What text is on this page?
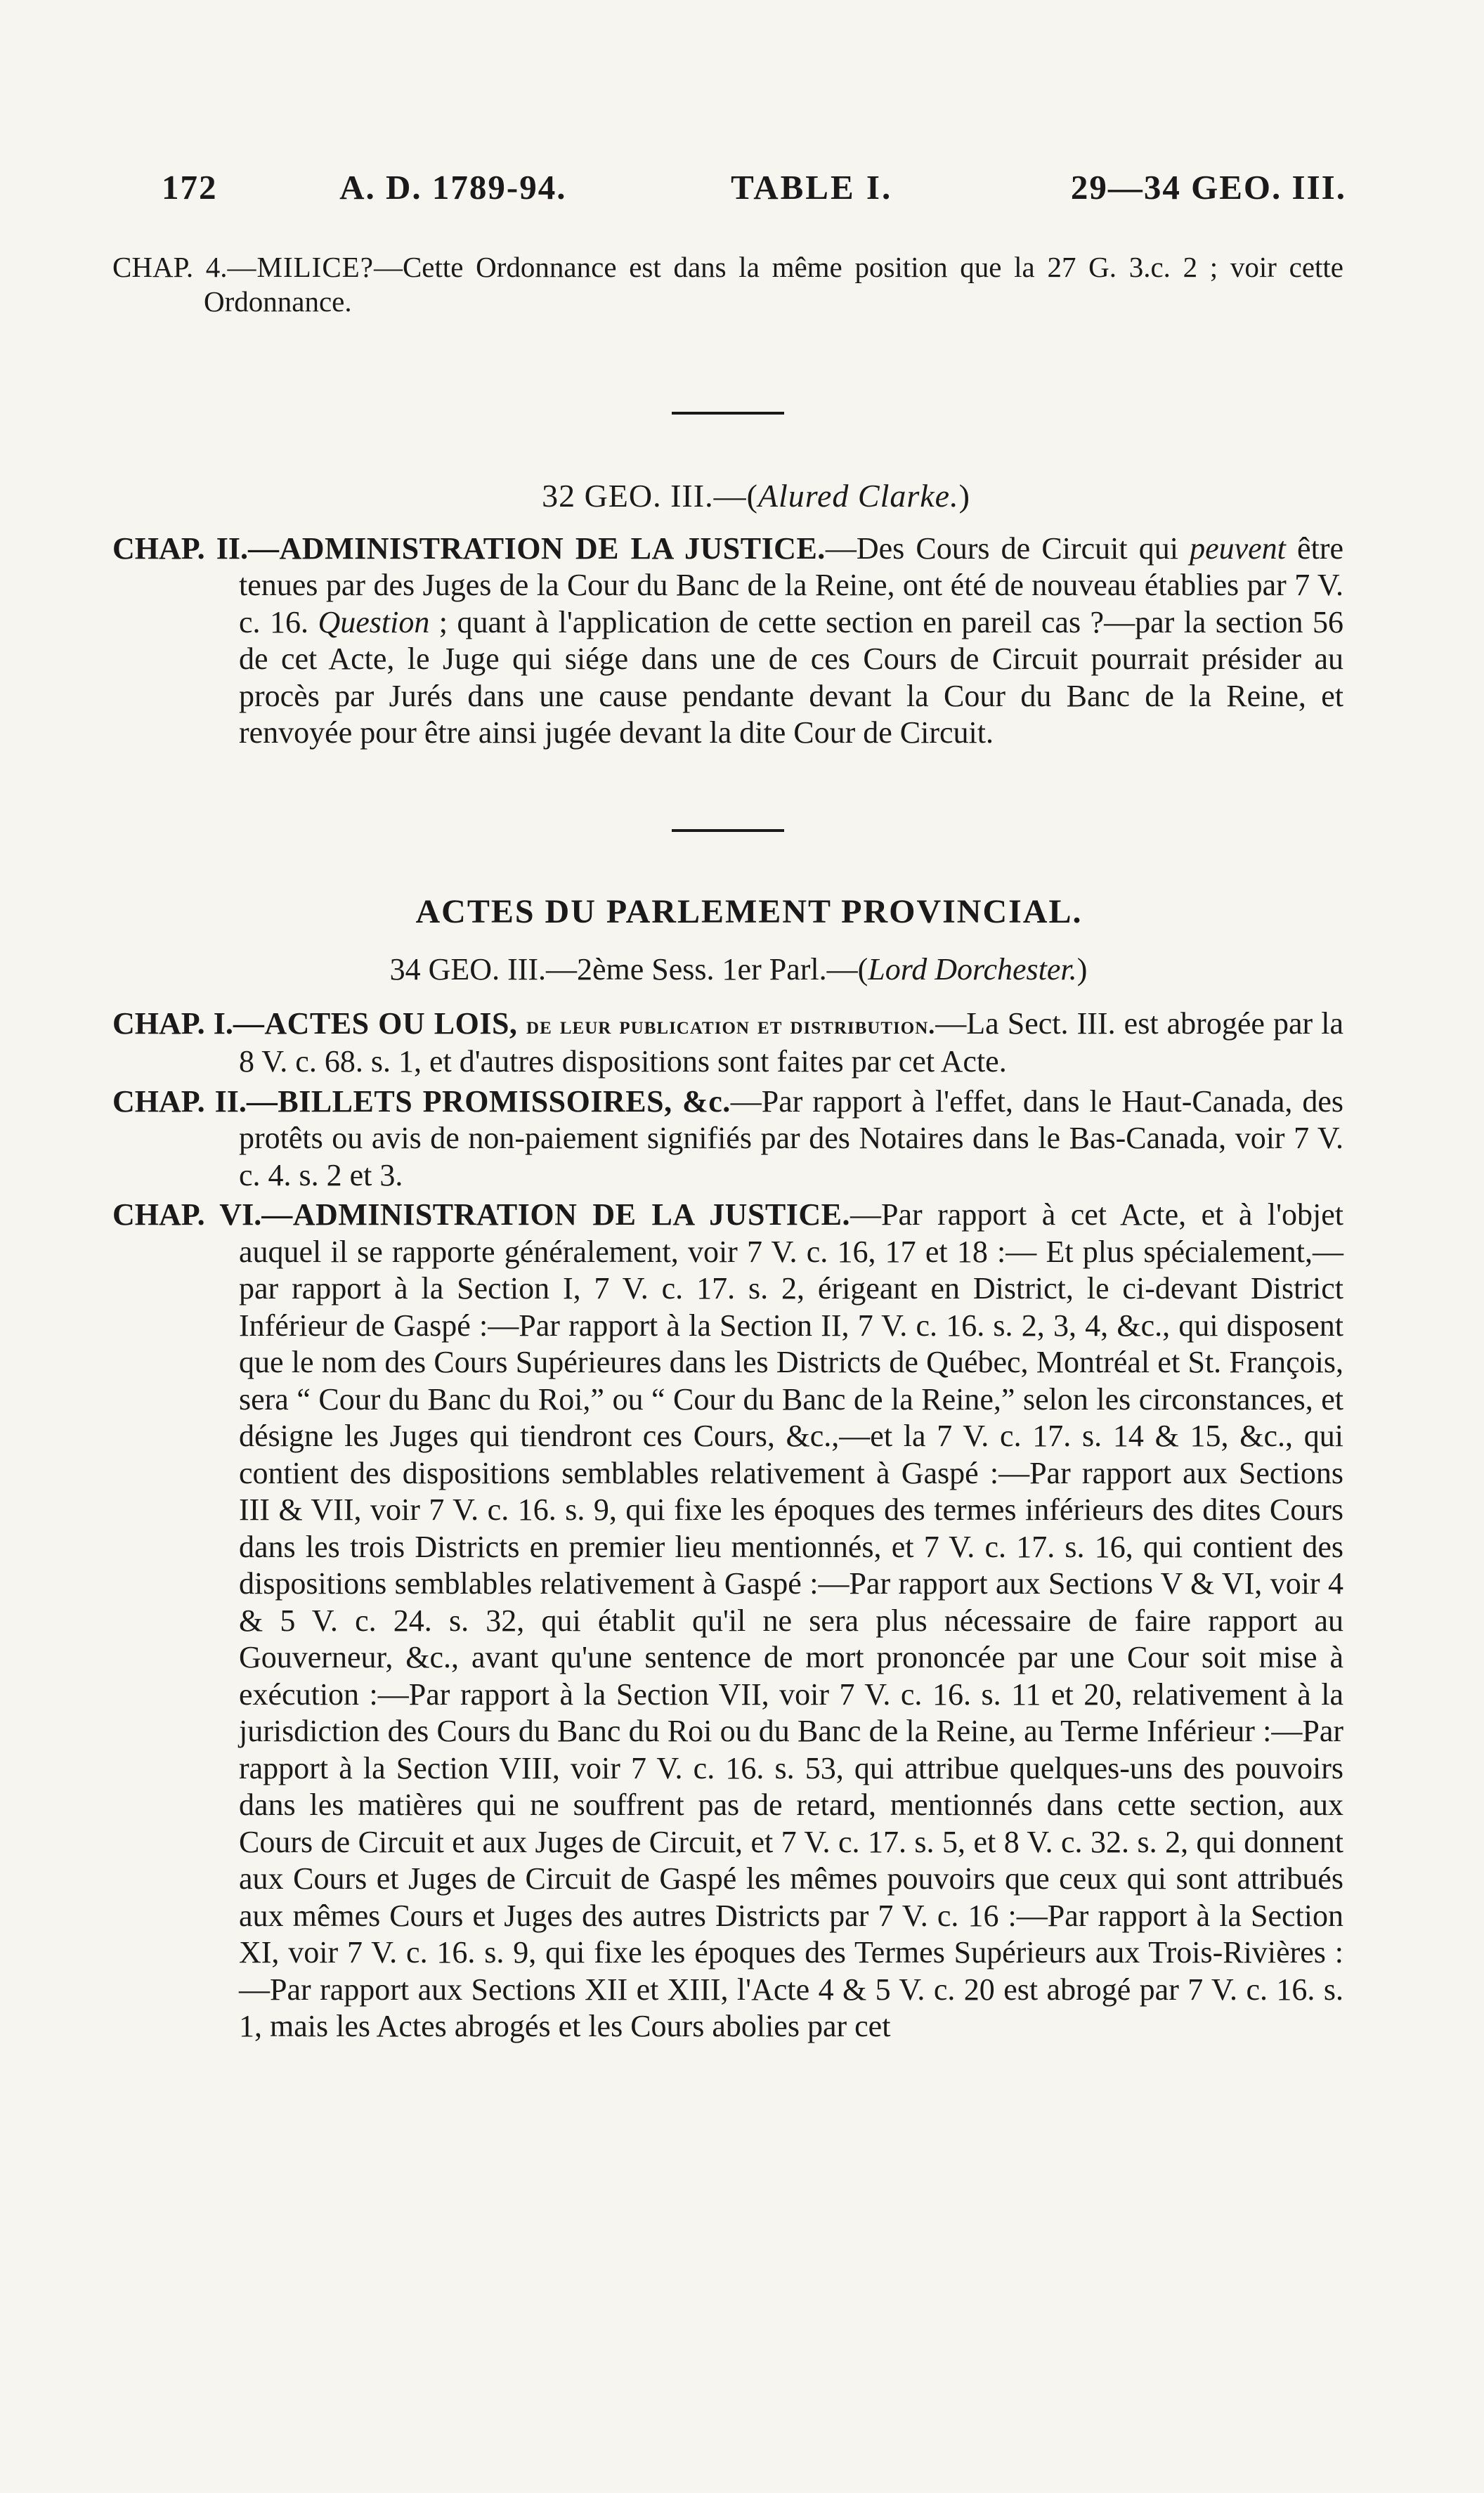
172	A. D. 1789-94.	TABLE I.	29—34 GEO. III.

CHAP. 4.—MILICE?—Cette Ordonnance est dans la même position que la 27 G. 3.c. 2 ; voir cette Ordonnance.

32 GEO. III.—(Alured Clarke.)

CHAP. II.—ADMINISTRATION DE LA JUSTICE.—Des Cours de Circuit qui peuvent être tenues par des Juges de la Cour du Banc de la Reine, ont été de nouveau établies par 7 V. c. 16. Question ; quant à l'application de cette section en pareil cas ?—par la section 56 de cet Acte, le Juge qui siége dans une de ces Cours de Circuit pourrait présider au procès par Jurés dans une cause pendante devant la Cour du Banc de la Reine, et renvoyée pour être ainsi jugée devant la dite Cour de Circuit.

ACTES DU PARLEMENT PROVINCIAL.
34 GEO. III.—2ème Sess. 1er Parl.—(Lord Dorchester.)

CHAP. I.—ACTES OU LOIS, de leur publication et distribution.—La Sect. III. est abrogée par la 8 V. c. 68. s. 1, et d'autres dispositions sont faites par cet Acte.

CHAP. II.—BILLETS PROMISSOIRES, &c.—Par rapport à l'effet, dans le Haut-Canada, des protêts ou avis de non-paiement signifiés par des Notaires dans le Bas-Canada, voir 7 V. c. 4. s. 2 et 3.

CHAP. VI.—ADMINISTRATION DE LA JUSTICE.—Par rapport à cet Acte, et à l'objet auquel il se rapporte généralement, voir 7 V. c. 16, 17 et 18 :— Et plus spécialement,—par rapport à la Section I, 7 V. c. 17. s. 2, érigeant en District, le ci-devant District Inférieur de Gaspé :—Par rapport à la Section II, 7 V. c. 16. s. 2, 3, 4, &c., qui disposent que le nom des Cours Supérieures dans les Districts de Québec, Montréal et St. François, sera “ Cour du Banc du Roi,” ou “ Cour du Banc de la Reine,” selon les circonstances, et désigne les Juges qui tiendront ces Cours, &c.,—et la 7 V. c. 17. s. 14 & 15, &c., qui contient des dispositions semblables relativement à Gaspé :—Par rapport aux Sections III & VII, voir 7 V. c. 16. s. 9, qui fixe les époques des termes inférieurs des dites Cours dans les trois Districts en premier lieu mentionnés, et 7 V. c. 17. s. 16, qui contient des dispositions semblables relativement à Gaspé :—Par rapport aux Sections V & VI, voir 4 & 5 V. c. 24. s. 32, qui établit qu'il ne sera plus nécessaire de faire rapport au Gouverneur, &c., avant qu'une sentence de mort prononcée par une Cour soit mise à exécution :—Par rapport à la Section VII, voir 7 V. c. 16. s. 11 et 20, relativement à la jurisdiction des Cours du Banc du Roi ou du Banc de la Reine, au Terme Inférieur :—Par rapport à la Section VIII, voir 7 V. c. 16. s. 53, qui attribue quelques-uns des pouvoirs dans les matières qui ne souffrent pas de retard, mentionnés dans cette section, aux Cours de Circuit et aux Juges de Circuit, et 7 V. c. 17. s. 5, et 8 V. c. 32. s. 2, qui donnent aux Cours et Juges de Circuit de Gaspé les mêmes pouvoirs que ceux qui sont attribués aux mêmes Cours et Juges des autres Districts par 7 V. c. 16 :—Par rapport à la Section XI, voir 7 V. c. 16. s. 9, qui fixe les époques des Termes Supérieurs aux Trois-Rivières : —Par rapport aux Sections XII et XIII, l'Acte 4 & 5 V. c. 20 est abrogé par 7 V. c. 16. s. 1, mais les Actes abrogés et les Cours abolies par cet
